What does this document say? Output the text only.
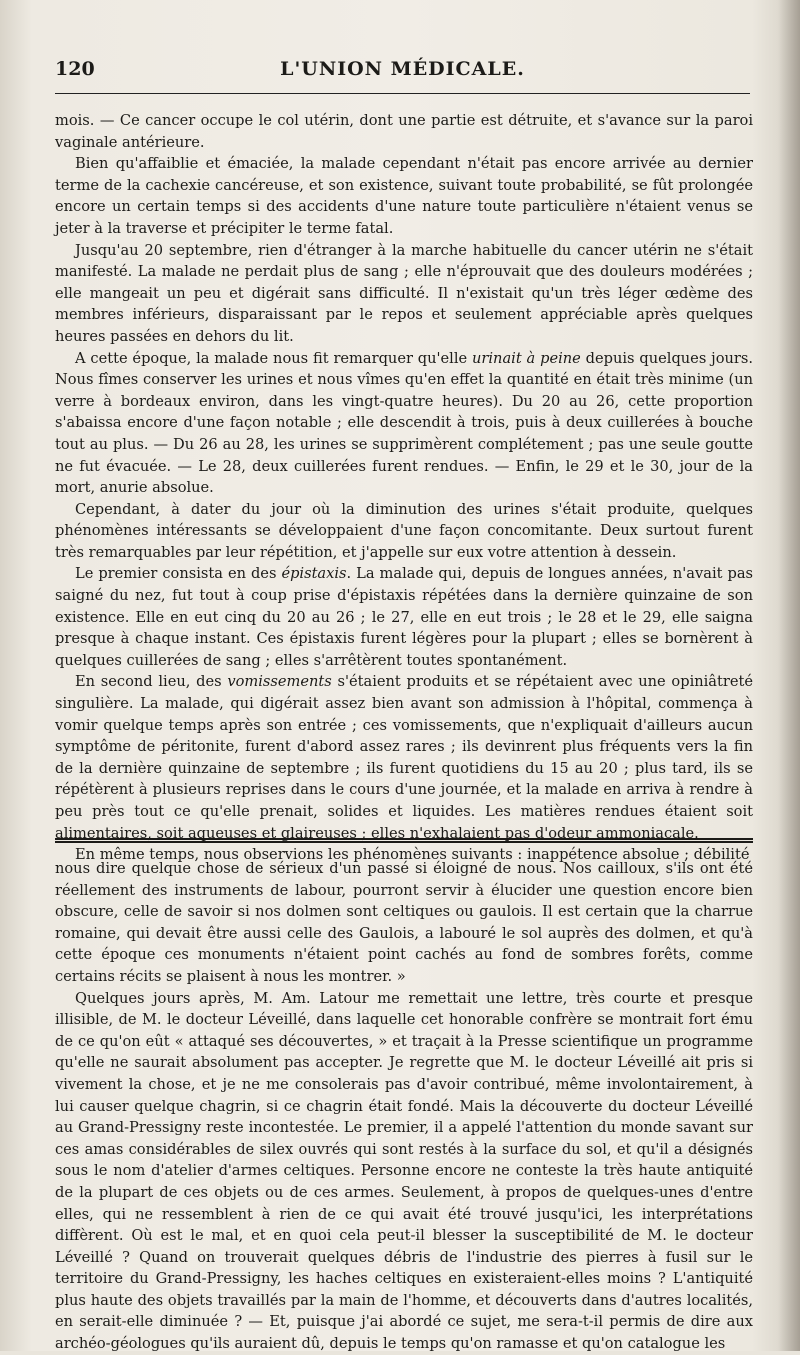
120	L'UNION MÉDICALE.

mois. — Ce cancer occupe le col utérin, dont une partie est détruite, et s'avance sur la paroi vaginale antérieure.

Bien qu'affaiblie et émaciée, la malade cependant n'était pas encore arrivée au dernier terme de la cachexie cancéreuse, et son existence, suivant toute probabilité, se fût prolongée encore un certain temps si des accidents d'une nature toute particulière n'étaient venus se jeter à la traverse et précipiter le terme fatal.

Jusqu'au 20 septembre, rien d'étranger à la marche habituelle du cancer utérin ne s'était manifesté. La malade ne perdait plus de sang ; elle n'éprouvait que des douleurs modérées ; elle mangeait un peu et digérait sans difficulté. Il n'existait qu'un très léger œdème des membres inférieurs, disparaissant par le repos et seulement appréciable après quelques heures passées en dehors du lit.

A cette époque, la malade nous fit remarquer qu'elle urinait à peine depuis quelques jours. Nous fîmes conserver les urines et nous vîmes qu'en effet la quantité en était très minime (un verre à bordeaux environ, dans les vingt-quatre heures). Du 20 au 26, cette proportion s'abaissa encore d'une façon notable ; elle descendit à trois, puis à deux cuillerées à bouche tout au plus. — Du 26 au 28, les urines se supprimèrent complétement ; pas une seule goutte ne fut évacuée. — Le 28, deux cuillerées furent rendues. — Enfin, le 29 et le 30, jour de la mort, anurie absolue.

Cependant, à dater du jour où la diminution des urines s'était produite, quelques phénomènes intéressants se développaient d'une façon concomitante. Deux surtout furent très remarquables par leur répétition, et j'appelle sur eux votre attention à dessein.

Le premier consista en des épistaxis. La malade qui, depuis de longues années, n'avait pas saigné du nez, fut tout à coup prise d'épistaxis répétées dans la dernière quinzaine de son existence. Elle en eut cinq du 20 au 26 ; le 27, elle en eut trois ; le 28 et le 29, elle saigna presque à chaque instant. Ces épistaxis furent légères pour la plupart ; elles se bornèrent à quelques cuillerées de sang ; elles s'arrêtèrent toutes spontanément.

En second lieu, des vomissements s'étaient produits et se répétaient avec une opiniâtreté singulière. La malade, qui digérait assez bien avant son admission à l'hôpital, commença à vomir quelque temps après son entrée ; ces vomissements, que n'expliquait d'ailleurs aucun symptôme de péritonite, furent d'abord assez rares ; ils devinrent plus fréquents vers la fin de la dernière quinzaine de septembre ; ils furent quotidiens du 15 au 20 ; plus tard, ils se répétèrent à plusieurs reprises dans le cours d'une journée, et la malade en arriva à rendre à peu près tout ce qu'elle prenait, solides et liquides. Les matières rendues étaient soit alimentaires, soit aqueuses et glaireuses ; elles n'exhalaient pas d'odeur ammoniacale.

En même temps, nous observions les phénomènes suivants : inappétence absolue ; débilité

nous dire quelque chose de sérieux d'un passé si éloigné de nous. Nos cailloux, s'ils ont été réellement des instruments de labour, pourront servir à élucider une question encore bien obscure, celle de savoir si nos dolmen sont celtiques ou gaulois. Il est certain que la charrue romaine, qui devait être aussi celle des Gaulois, a labouré le sol auprès des dolmen, et qu'à cette époque ces monuments n'étaient point cachés au fond de sombres forêts, comme certains récits se plaisent à nous les montrer. »

Quelques jours après, M. Am. Latour me remettait une lettre, très courte et presque illisible, de M. le docteur Léveillé, dans laquelle cet honorable confrère se montrait fort ému de ce qu'on eût « attaqué ses découvertes, » et traçait à la Presse scientifique un programme qu'elle ne saurait absolument pas accepter. Je regrette que M. le docteur Léveillé ait pris si vivement la chose, et je ne me consolerais pas d'avoir contribué, même involontairement, à lui causer quelque chagrin, si ce chagrin était fondé. Mais la découverte du docteur Léveillé au Grand-Pressigny reste incontestée. Le premier, il a appelé l'attention du monde savant sur ces amas considérables de silex ouvrés qui sont restés à la surface du sol, et qu'il a désignés sous le nom d'atelier d'armes celtiques. Personne encore ne conteste la très haute antiquité de la plupart de ces objets ou de ces armes. Seulement, à propos de quelques-unes d'entre elles, qui ne ressemblent à rien de ce qui avait été trouvé jusqu'ici, les interprétations diffèrent. Où est le mal, et en quoi cela peut-il blesser la susceptibilité de M. le docteur Léveillé ? Quand on trouverait quelques débris de l'industrie des pierres à fusil sur le territoire du Grand-Pressigny, les haches celtiques en existeraient-elles moins ? L'antiquité plus haute des objets travaillés par la main de l'homme, et découverts dans d'autres localités, en serait-elle diminuée ? — Et, puisque j'ai abordé ce sujet, me sera-t-il permis de dire aux archéo-géologues qu'ils auraient dû, depuis le temps qu'on ramasse et qu'on catalogue les
